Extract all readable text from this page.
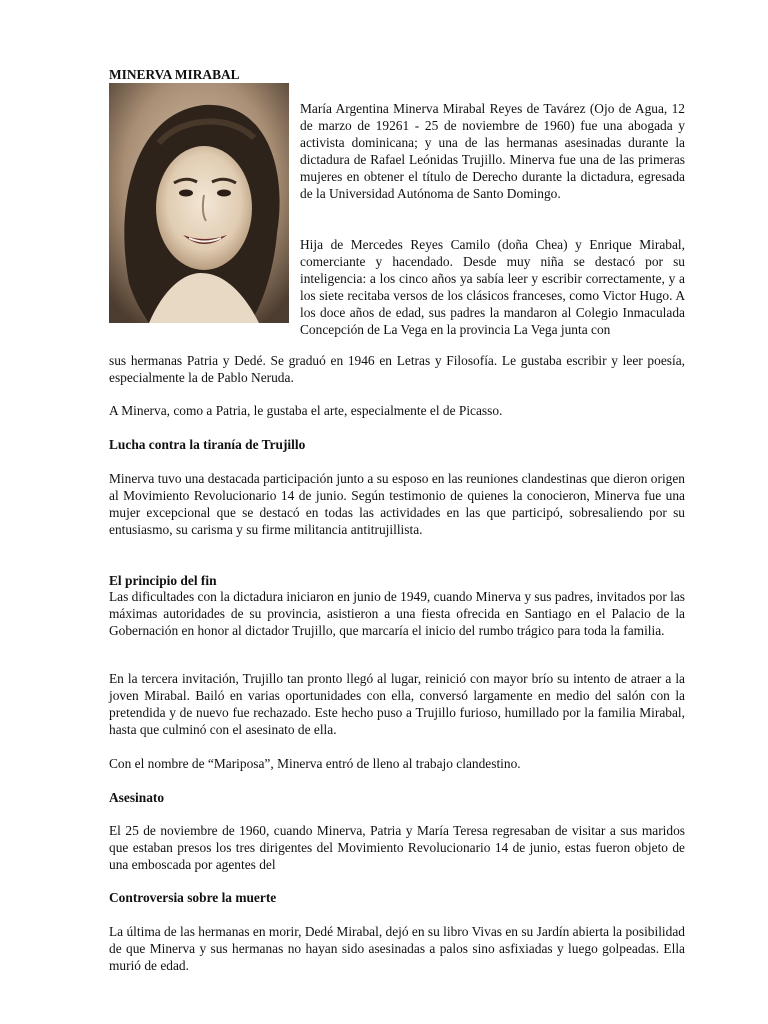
MINERVA MIRABAL

María Argentina Minerva Mirabal Reyes de Tavárez (Ojo de Agua, 12 de marzo de 19261 - 25 de noviembre de 1960) fue una abogada y activista dominicana; y una de las hermanas asesinadas durante la dictadura de Rafael Leónidas Trujillo. Minerva fue una de las primeras mujeres en obtener el título de Derecho durante la dictadura, egresada de la Universidad Autónoma de Santo Domingo.

Hija de Mercedes Reyes Camilo (doña Chea) y Enrique Mirabal, comerciante y hacendado. Desde muy niña se destacó por su inteligencia: a los cinco años ya sabía leer y escribir correctamente, y a los siete recitaba versos de los clásicos franceses, como Victor Hugo. A los doce años de edad, sus padres la mandaron al Colegio Inmaculada Concepción de La Vega en la provincia La Vega junta con

sus hermanas Patria y Dedé. Se graduó en 1946 en Letras y Filosofía. Le gustaba escribir y leer poesía, especialmente la de Pablo Neruda.

A Minerva, como a Patria, le gustaba el arte, especialmente el de Picasso.

Lucha contra la tiranía de Trujillo

Minerva tuvo una destacada participación junto a su esposo en las reuniones clandestinas que dieron origen al Movimiento Revolucionario 14 de junio. Según testimonio de quienes la conocieron, Minerva fue una mujer excepcional que se destacó en todas las actividades en las que participó, sobresaliendo por su entusiasmo, su carisma y su firme militancia antitrujillista.

El principio del fin

Las dificultades con la dictadura iniciaron en junio de 1949, cuando Minerva y sus padres, invitados por las máximas autoridades de su provincia, asistieron a una fiesta ofrecida en Santiago en el Palacio de la Gobernación en honor al dictador Trujillo, que marcaría el inicio del rumbo trágico para toda la familia.

En la tercera invitación, Trujillo tan pronto llegó al lugar, reinició con mayor brío su intento de atraer a la joven Mirabal. Bailó en varias oportunidades con ella, conversó largamente en medio del salón con la pretendida y de nuevo fue rechazado. Este hecho puso a Trujillo furioso, humillado por la familia Mirabal, hasta que culminó con el asesinato de ella.

Con el nombre de “Mariposa”, Minerva entró de lleno al trabajo clandestino.

Asesinato

El 25 de noviembre de 1960, cuando Minerva, Patria y María Teresa regresaban de visitar a sus maridos que estaban presos los tres dirigentes del Movimiento Revolucionario 14 de junio, estas fueron objeto de una emboscada por agentes del

Controversia sobre la muerte

La última de las hermanas en morir, Dedé Mirabal, dejó en su libro Vivas en su Jardín abierta la posibilidad de que Minerva y sus hermanas no hayan sido asesinadas a palos sino asfixiadas y luego golpeadas. Ella murió de edad.
